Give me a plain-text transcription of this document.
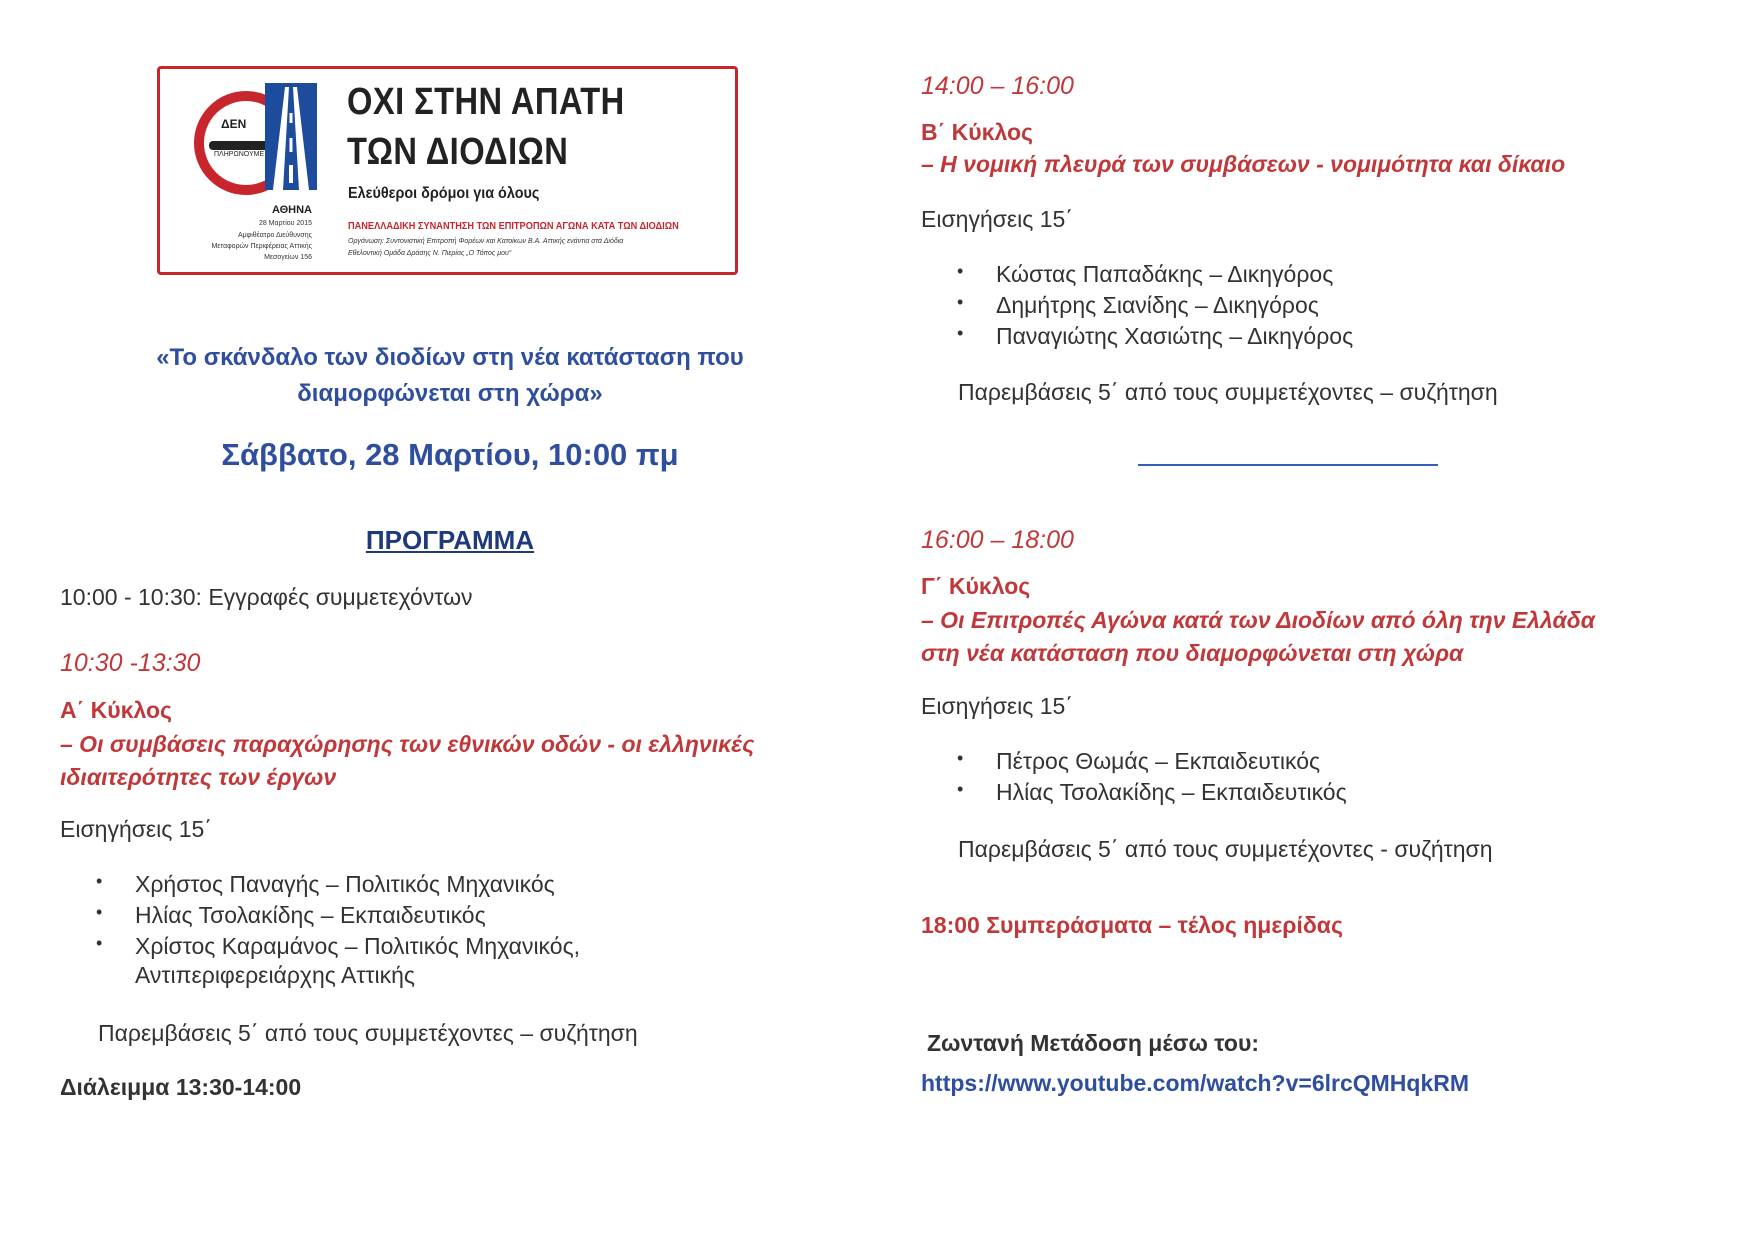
ΔΕΝ
ΠΛΗΡΩΝΟΥΜΕ
ΟΧΙ ΣΤΗΝ ΑΠΑΤΗ
ΤΩΝ ΔΙΟΔΙΩΝ
Ελεύθεροι δρόμοι για όλους
ΑΘΗΝΑ
28 Μαρτίου 2015
Αμφιθέατρο Διεύθυνσης
Μεταφορών Περιφέρειας Αττικής
Μεσογείων 156
ΠΑΝΕΛΛΑΔΙΚΗ ΣΥΝΑΝΤΗΣΗ ΤΩΝ ΕΠΙΤΡΟΠΩΝ ΑΓΩΝΑ ΚΑΤΑ ΤΩΝ ΔΙΟΔΙΩΝ
Οργάνωση: Συντονιστική Επιτροπή Φορέων και Κατοίκων Β.Α. Αττικής ενάντια στα Διόδια
Εθελοντική Ομάδα Δράσης Ν. Πιερίας „Ο Τόπος μου“
«Το σκάνδαλο των διοδίων στη νέα κατάσταση που
διαμορφώνεται στη χώρα»
Σάββατο, 28 Μαρτίου, 10:00 πμ
ΠΡΟΓΡΑΜΜΑ
10:00 - 10:30: Εγγραφές συμμετεχόντων
10:30 -13:30
Α΄ Κύκλος
– Οι συμβάσεις παραχώρησης των εθνικών οδών - οι ελληνικές
ιδιαιτερότητες των έργων
Εισηγήσεις 15΄
• Χρήστος Παναγής – Πολιτικός Μηχανικός
• Ηλίας Τσολακίδης – Εκπαιδευτικός
• Χρίστος Καραμάνος – Πολιτικός Μηχανικός,
Αντιπεριφερειάρχης Αττικής
Παρεμβάσεις 5΄ από τους συμμετέχοντες – συζήτηση
Διάλειμμα 13:30-14:00
14:00 – 16:00
Β΄ Κύκλος
– Η νομική πλευρά των συμβάσεων - νομιμότητα και δίκαιο
Εισηγήσεις 15΄
• Κώστας Παπαδάκης – Δικηγόρος
• Δημήτρης Σιανίδης – Δικηγόρος
• Παναγιώτης Χασιώτης – Δικηγόρος
Παρεμβάσεις 5΄ από τους συμμετέχοντες – συζήτηση
16:00 – 18:00
Γ΄ Κύκλος
– Οι Επιτροπές Αγώνα κατά των Διοδίων από όλη την Ελλάδα
στη νέα κατάσταση που διαμορφώνεται στη χώρα
Εισηγήσεις 15΄
• Πέτρος Θωμάς – Εκπαιδευτικός
• Ηλίας Τσολακίδης – Εκπαιδευτικός
Παρεμβάσεις 5΄ από τους συμμετέχοντες - συζήτηση
18:00 Συμπεράσματα – τέλος ημερίδας
Ζωντανή Μετάδοση μέσω του:
https://www.youtube.com/watch?v=6lrcQMHqkRM
